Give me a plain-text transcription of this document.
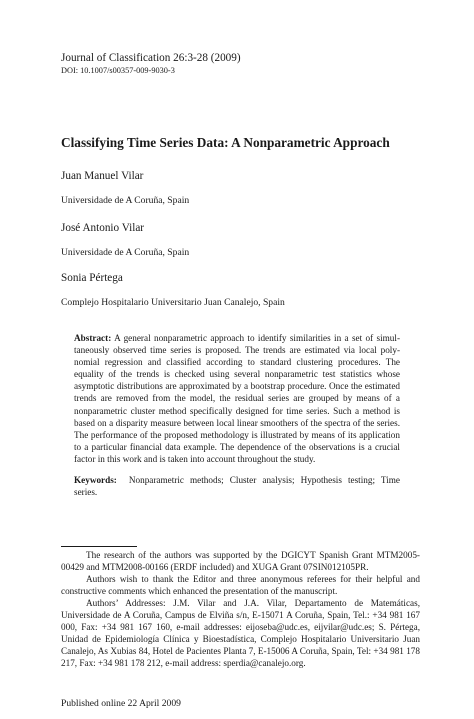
Journal of Classification 26:3-28 (2009)
DOI: 10.1007/s00357-009-9030-3
Classifying Time Series Data: A Nonparametric Approach
Juan Manuel Vilar
Universidade de A Coruña, Spain
José Antonio Vilar
Universidade de A Coruña, Spain
Sonia Pértega
Complejo Hospitalario Universitario Juan Canalejo, Spain
Abstract: A general nonparametric approach to identify similarities in a set of simultaneously observed time series is proposed. The trends are estimated via local polynomial regression and classified according to standard clustering procedures. The equality of the trends is checked using several nonparametric test statistics whose asymptotic distributions are approximated by a bootstrap procedure. Once the estimated trends are removed from the model, the residual series are grouped by means of a nonparametric cluster method specifically designed for time series. Such a method is based on a disparity measure between local linear smoothers of the spectra of the series. The performance of the proposed methodology is illustrated by means of its application to a particular financial data example. The dependence of the observations is a crucial factor in this work and is taken into account throughout the study.
Keywords: Nonparametric methods; Cluster analysis; Hypothesis testing; Time series.
The research of the authors was supported by the DGICYT Spanish Grant MTM2005-00429 and MTM2008-00166 (ERDF included) and XUGA Grant 07SIN012105PR.
Authors wish to thank the Editor and three anonymous referees for their helpful and constructive comments which enhanced the presentation of the manuscript.
Authors’ Addresses: J.M. Vilar and J.A. Vilar, Departamento de Matemáticas, Universidade de A Coruña, Campus de Elviña s/n, E-15071 A Coruña, Spain, Tel.: +34 981 167 000, Fax: +34 981 167 160, e-mail addresses: eijoseba@udc.es, eijvilar@udc.es; S. Pértega, Unidad de Epidemiología Clínica y Bioestadística, Complejo Hospitalario Universitario Juan Canalejo, As Xubias 84, Hotel de Pacientes Planta 7, E-15006 A Coruña, Spain, Tel: +34 981 178 217, Fax: +34 981 178 212, e-mail address: sperdia@canalejo.org.
Published online 22 April 2009
